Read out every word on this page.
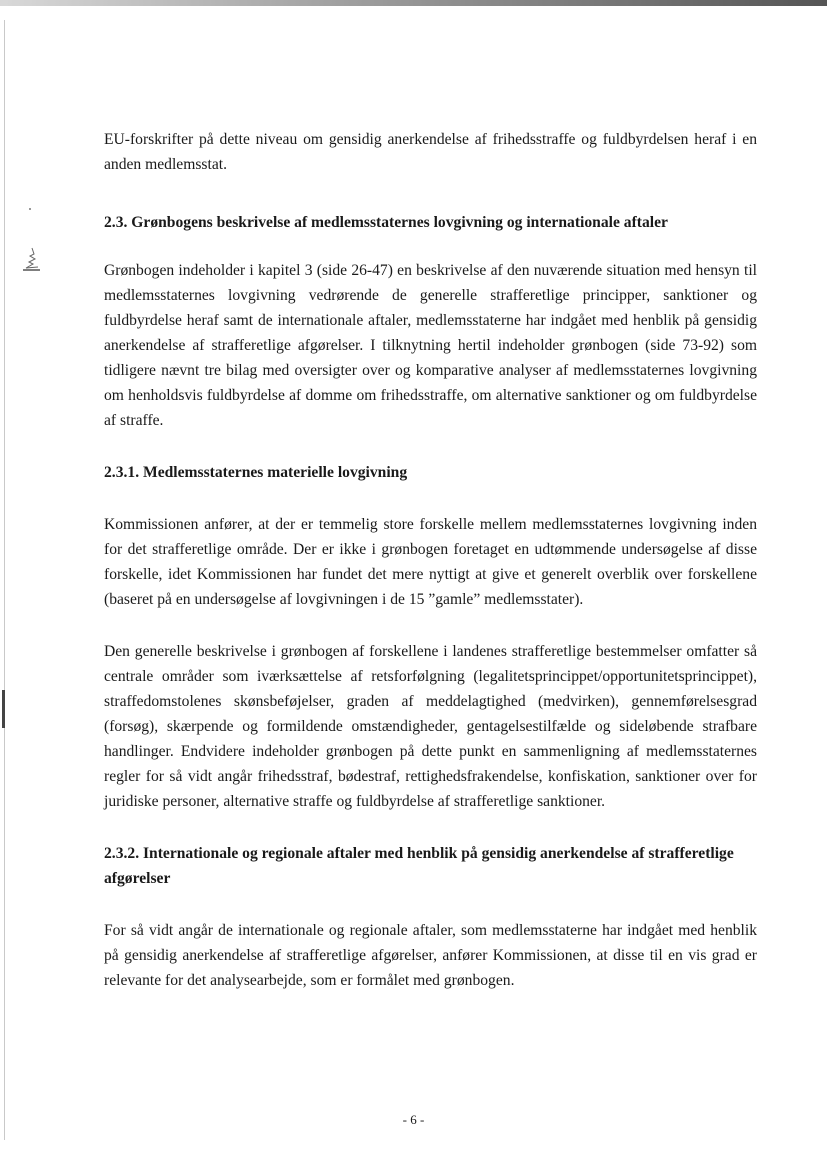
EU-forskrifter på dette niveau om gensidig anerkendelse af frihedsstraffe og fuldbyrdelsen heraf i en anden medlemsstat.

2.3. Grønbogens beskrivelse af medlemsstaternes lovgivning og internationale aftaler

Grønbogen indeholder i kapitel 3 (side 26-47) en beskrivelse af den nuværende situation med hensyn til medlemsstaternes lovgivning vedrørende de generelle strafferetlige principper, sanktioner og fuldbyrdelse heraf samt de internationale aftaler, medlemsstaterne har indgået med henblik på gensidig anerkendelse af strafferetlige afgørelser. I tilknytning hertil indeholder grønbogen (side 73-92) som tidligere nævnt tre bilag med oversigter over og komparative analyser af medlemsstaternes lovgivning om henholdsvis fuldbyrdelse af domme om frihedsstraffe, om alternative sanktioner og om fuldbyrdelse af straffe.

2.3.1. Medlemsstaternes materielle lovgivning

Kommissionen anfører, at der er temmelig store forskelle mellem medlemsstaternes lovgivning inden for det strafferetlige område. Der er ikke i grønbogen foretaget en udtømmende undersøgelse af disse forskelle, idet Kommissionen har fundet det mere nyttigt at give et generelt overblik over forskellene (baseret på en undersøgelse af lovgivningen i de 15 ”gamle” medlemsstater).

Den generelle beskrivelse i grønbogen af forskellene i landenes strafferetlige bestemmelser omfatter så centrale områder som iværksættelse af retsforfølgning (legalitetsprincippet/opportunitetsprincippet), straffedomstolenes skønsbeføjelser, graden af meddelagtighed (medvirken), gennemførelsesgrad (forsøg), skærpende og formildende omstændigheder, gentagelsestilfælde og sideløbende strafbare handlinger. Endvidere indeholder grønbogen på dette punkt en sammenligning af medlemsstaternes regler for så vidt angår frihedsstraf, bødestraf, rettighedsfrakendelse, konfiskation, sanktioner over for juridiske personer, alternative straffe og fuldbyrdelse af strafferetlige sanktioner.

2.3.2. Internationale og regionale aftaler med henblik på gensidig anerkendelse af strafferetlige afgørelser

For så vidt angår de internationale og regionale aftaler, som medlemsstaterne har indgået med henblik på gensidig anerkendelse af strafferetlige afgørelser, anfører Kommissionen, at disse til en vis grad er relevante for det analysearbejde, som er formålet med grønbogen.

- 6 -
